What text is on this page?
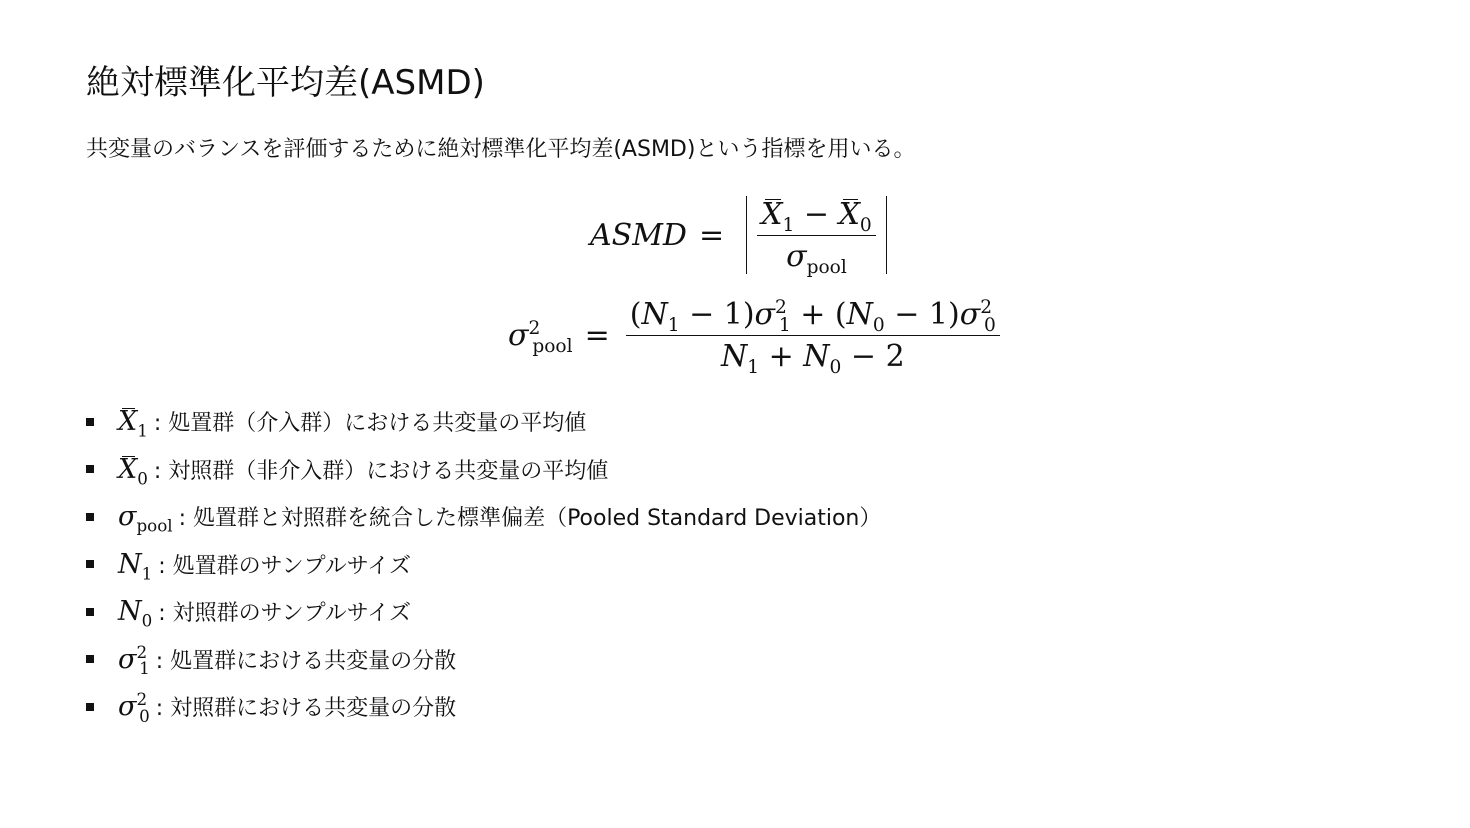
絶対標準化平均差(ASMD)
共変量のバランスを評価するために絶対標準化平均差(ASMD)という指標を用いる。
ASMD = $\frac{X_1 - X_0}{\sigma_{pool}}$
$\sigma^2_{pool} = \frac{(N_1 - 1)\sigma^2_1 + (N_0 - 1)\sigma^2_0}{N_1 + N_0 - 2}$
$X_1$ : 処置群（介入群）における共変量の平均値
$X_0$ : 対照群（非介入群）における共変量の平均値
$\sigma_{pool}$ : 処置群と対照群を統合した標準偏差（Pooled Standard Deviation）
$N_1$ : 処置群のサンプルサイズ
$N_0$ : 対照群のサンプルサイズ
$\sigma^2_1$ : 処置群における共変量の分散
$\sigma^2_0$ : 対照群における共変量の分散
